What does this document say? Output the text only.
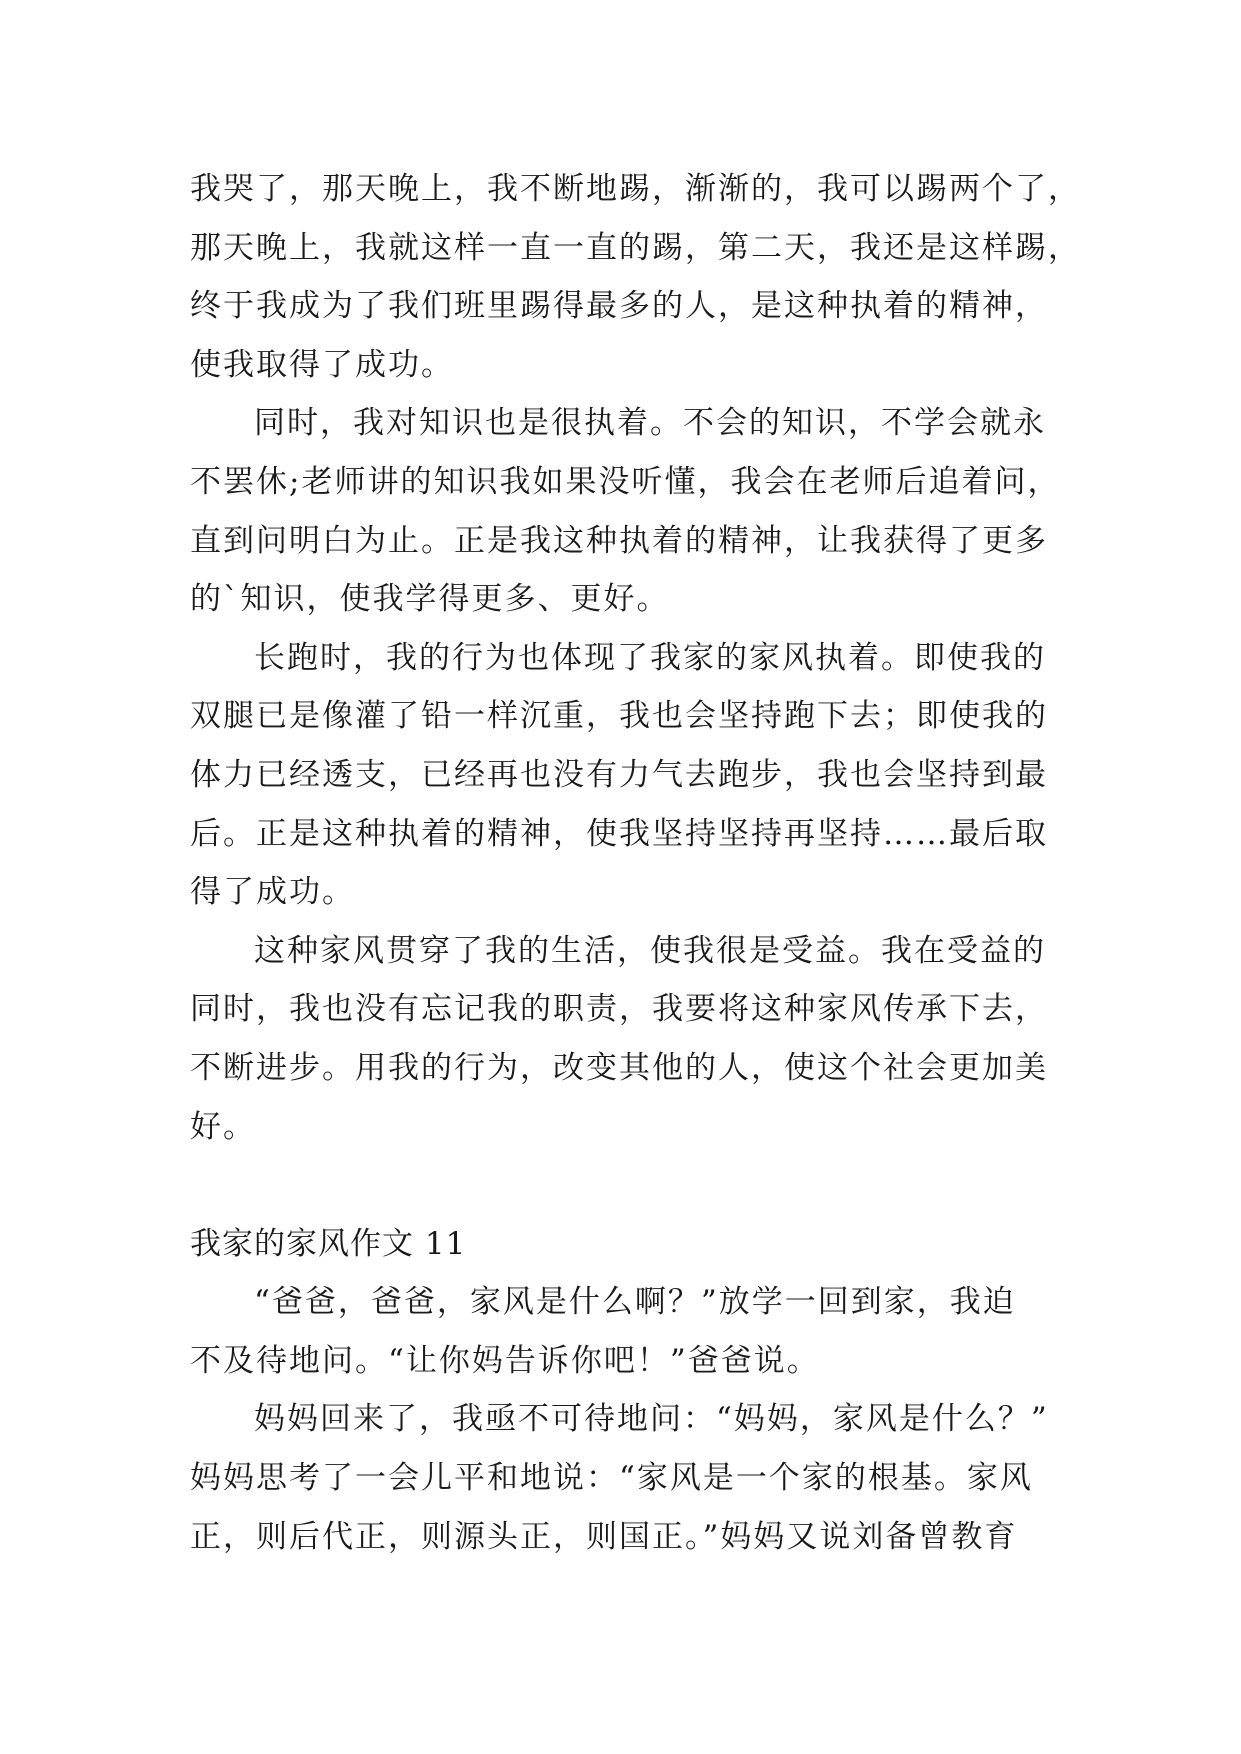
我哭了，那天晚上，我不断地踢，渐渐的，我可以踢两个了，
那天晚上，我就这样一直一直的踢，第二天，我还是这样踢，
终于我成为了我们班里踢得最多的人，是这种执着的精神，
使我取得了成功。
同时，我对知识也是很执着。不会的知识，不学会就永
不罢休;老师讲的知识我如果没听懂，我会在老师后追着问，
直到问明白为止。正是我这种执着的精神，让我获得了更多
的`知识，使我学得更多、更好。
长跑时，我的行为也体现了我家的家风执着。即使我的
双腿已是像灌了铅一样沉重，我也会坚持跑下去；即使我的
体力已经透支，已经再也没有力气去跑步，我也会坚持到最
后。正是这种执着的精神，使我坚持坚持再坚持……最后取
得了成功。
这种家风贯穿了我的生活，使我很是受益。我在受益的
同时，我也没有忘记我的职责，我要将这种家风传承下去，
不断进步。用我的行为，改变其他的人，使这个社会更加美
好。
我家的家风作文 11
“爸爸，爸爸，家风是什么啊？”放学一回到家，我迫
不及待地问。“让你妈告诉你吧！”爸爸说。
妈妈回来了，我亟不可待地问：“妈妈，家风是什么？”
妈妈思考了一会儿平和地说：“家风是一个家的根基。家风
正，则后代正，则源头正，则国正。”妈妈又说刘备曾教育
